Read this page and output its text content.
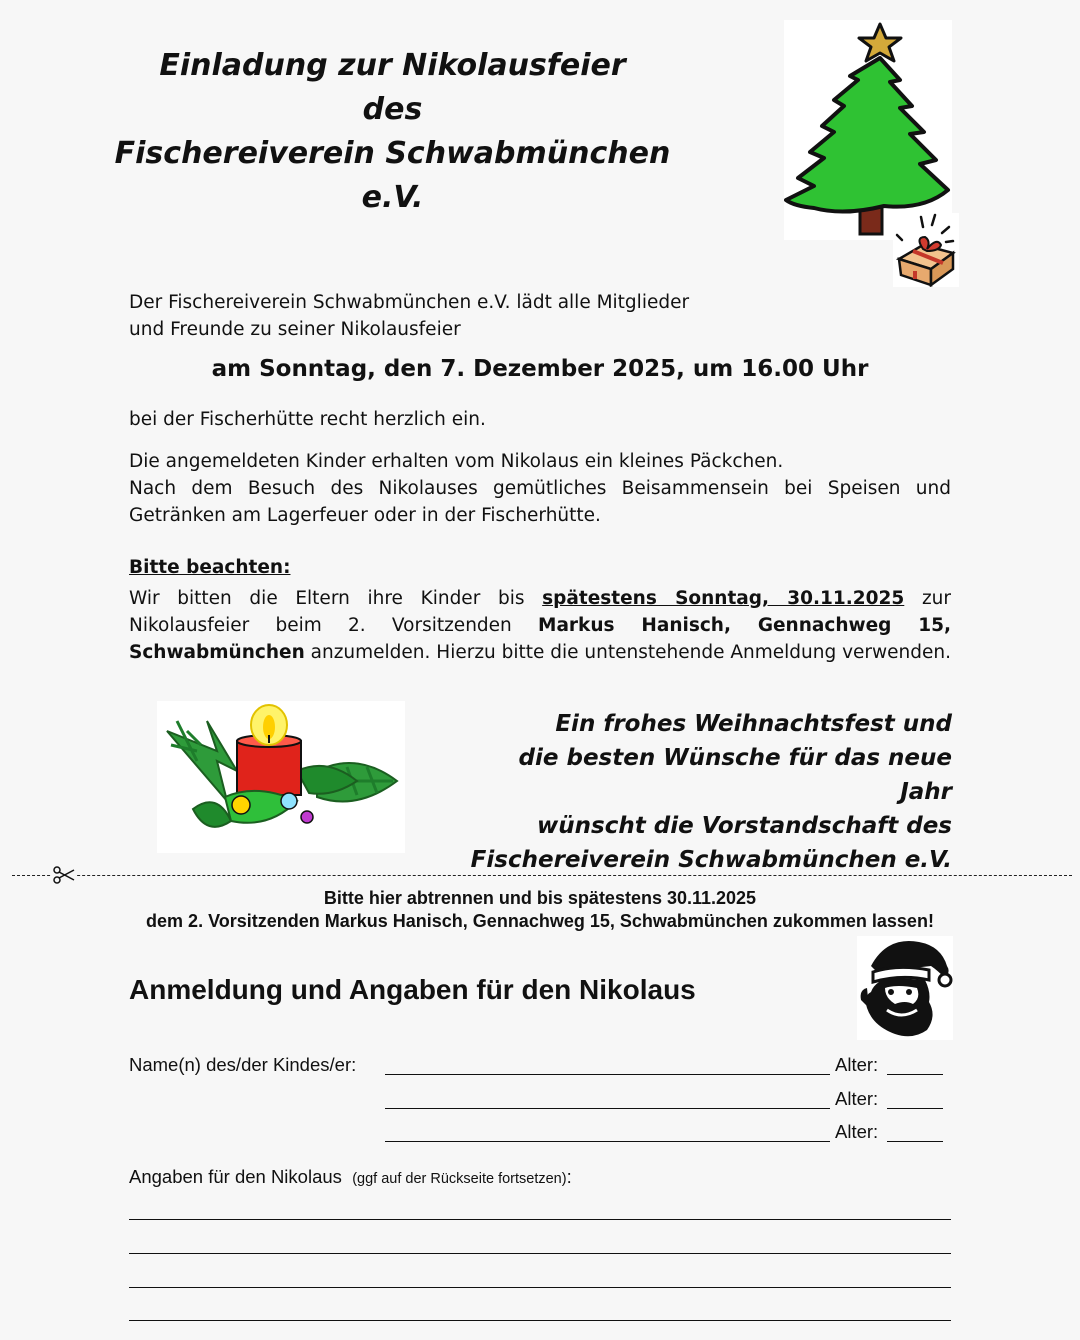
Einladung zur Nikolausfeier
des
Fischereiverein Schwabmünchen
e.V.
Der Fischereiverein Schwabmünchen e.V. lädt alle Mitglieder
und Freunde zu seiner Nikolausfeier
am Sonntag, den 7. Dezember 2025, um 16.00 Uhr
bei der Fischerhütte recht herzlich ein.
Die angemeldeten Kinder erhalten vom Nikolaus ein kleines Päckchen.
Nach dem Besuch des Nikolauses gemütliches Beisammensein bei Speisen und Getränken am Lagerfeuer oder in der Fischerhütte.
Bitte beachten:
Wir bitten die Eltern ihre Kinder bis spätestens Sonntag, 30.11.2025 zur Nikolausfeier beim 2. Vorsitzenden Markus Hanisch, Gennachweg 15, Schwabmünchen anzumelden. Hierzu bitte die untenstehende Anmeldung verwenden.
Ein frohes Weihnachtsfest und
die besten Wünsche für das neue Jahr
wünscht die Vorstandschaft des
Fischereiverein Schwabmünchen e.V.
Bitte hier abtrennen und bis spätestens 30.11.2025
dem 2. Vorsitzenden Markus Hanisch, Gennachweg 15, Schwabmünchen zukommen lassen!
Anmeldung und Angaben für den Nikolaus
Name(n) des/der Kindes/er:	Alter:
Alter:
Alter:
Angaben für den Nikolaus (ggf auf der Rückseite fortsetzen):
